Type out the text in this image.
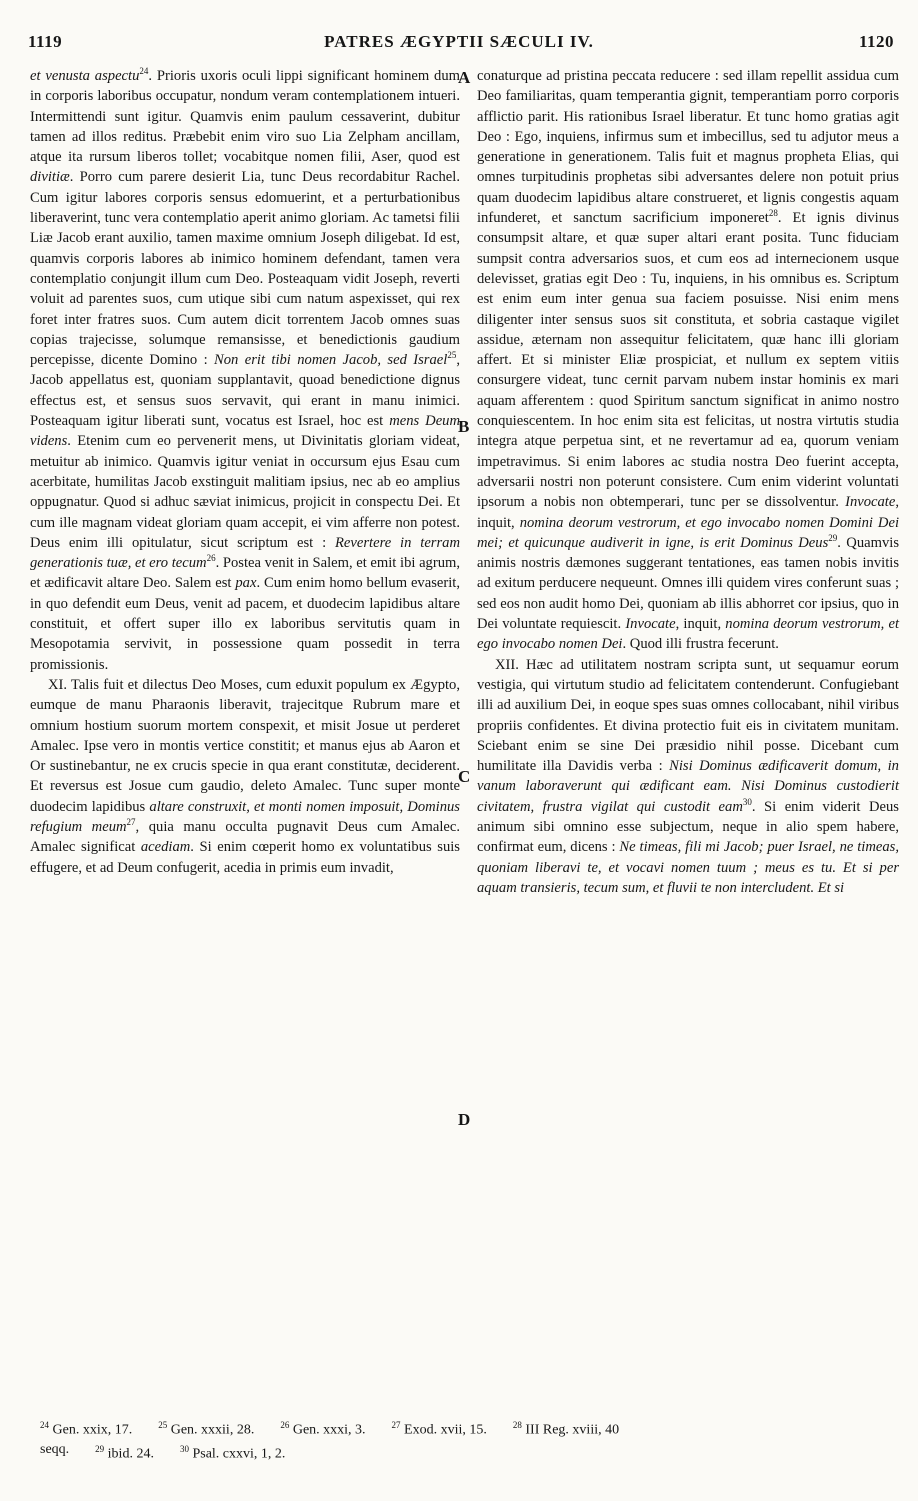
1119	PATRES ÆGYPTII SÆCULI IV.	1120
A
B
C
D

et venusta aspectu$^{24}$. Prioris uxoris oculi lippi significant hominem dum in corporis laboribus occupatur, nondum veram contemplationem intueri. Intermittendi sunt igitur. Quamvis enim paulum cessaverint, dubitur tamen ad illos reditus. Præbebit enim viro suo Lia Zelpham ancillam, atque ita rursum liberos tollet; vocabitque nomen filii, Aser, quod est divitiæ. Porro cum parere desierit Lia, tunc Deus recordabitur Rachel. Cum igitur labores corporis sensus edomuerint, et a perturbationibus liberaverint, tunc vera contemplatio aperit animo gloriam. Ac tametsi filii Liæ Jacob erant auxilio, tamen maxime omnium Joseph diligebat. Id est, quamvis corporis labores ab inimico hominem defendant, tamen vera contemplatio conjungit illum cum Deo. Posteaquam vidit Joseph, reverti voluit ad parentes suos, cum utique sibi cum natum aspexisset, qui rex foret inter fratres suos. Cum autem dicit torrentem Jacob omnes suas copias trajecisse, solumque remansisse, et benedictionis gaudium percepisse, dicente Domino : Non erit tibi nomen Jacob, sed Israel$^{25}$, Jacob appellatus est, quoniam supplantavit, quoad benedictione dignus effectus est, et sensus suos servavit, qui erant in manu inimici. Posteaquam igitur liberati sunt, vocatus est Israel, hoc est mens Deum videns. Etenim cum eo pervenerit mens, ut Divinitatis gloriam videat, metuitur ab inimico. Quamvis igitur veniat in occursum ejus Esau cum acerbitate, humilitas Jacob exstinguit malitiam ipsius, nec ab eo amplius oppugnatur. Quod si adhuc sæviat inimicus, projicit in conspectu Dei. Et cum ille magnam videat gloriam quam accepit, ei vim afferre non potest. Deus enim illi opitulatur, sicut scriptum est : Revertere in terram generationis tuæ, et ero tecum$^{26}$. Postea venit in Salem, et emit ibi agrum, et ædificavit altare Deo. Salem est pax. Cum enim homo bellum evaserit, in quo defendit eum Deus, venit ad pacem, et duodecim lapidibus altare constituit, et offert super illo ex laboribus servitutis quam in Mesopotamia servivit, in possessione quam possedit in terra promissionis.

XI. Talis fuit et dilectus Deo Moses, cum eduxit populum ex Ægypto, eumque de manu Pharaonis liberavit, trajecitque Rubrum mare et omnium hostium suorum mortem conspexit, et misit Josue ut perderet Amalec. Ipse vero in montis vertice constitit; et manus ejus ab Aaron et Or sustinebantur, ne ex crucis specie in qua erant constitutæ, deciderent. Et reversus est Josue cum gaudio, deleto Amalec. Tunc super monte duodecim lapidibus altare construxit, et monti nomen imposuit, Dominus refugium meum$^{27}$, quia manu occulta pugnavit Deus cum Amalec. Amalec significat acediam. Si enim cœperit homo ex voluntatibus suis effugere, et ad Deum confugerit, acedia in primis eum invadit,

conaturque ad pristina peccata reducere : sed illam repellit assidua cum Deo familiaritas, quam temperantia gignit, temperantiam porro corporis afflictio parit. His rationibus Israel liberatur. Et tunc homo gratias agit Deo : Ego, inquiens, infirmus sum et imbecillus, sed tu adjutor meus a generatione in generationem. Talis fuit et magnus propheta Elias, qui omnes turpitudinis prophetas sibi adversantes delere non potuit prius quam duodecim lapidibus altare construeret, et lignis congestis aquam infunderet, et sanctum sacrificium imponeret$^{28}$. Et ignis divinus consumpsit altare, et quæ super altari erant posita. Tunc fiduciam sumpsit contra adversarios suos, et cum eos ad internecionem usque delevisset, gratias egit Deo : Tu, inquiens, in his omnibus es. Scriptum est enim eum inter genua sua faciem posuisse. Nisi enim mens diligenter inter sensus suos sit constituta, et sobria castaque vigilet assidue, æternam non assequitur felicitatem, quæ hanc illi gloriam affert. Et si minister Eliæ prospiciat, et nullum ex septem vitiis consurgere videat, tunc cernit parvam nubem instar hominis ex mari aquam afferentem : quod Spiritum sanctum significat in animo nostro conquiescentem. In hoc enim sita est felicitas, ut nostra virtutis studia integra atque perpetua sint, et ne revertamur ad ea, quorum veniam impetravimus. Si enim labores ac studia nostra Deo fuerint accepta, adversarii nostri non poterunt consistere. Cum enim viderint voluntati ipsorum a nobis non obtemperari, tunc per se dissolventur. Invocate, inquit, nomina deorum vestrorum, et ego invocabo nomen Domini Dei mei; et quicunque audiverit in igne, is erit Dominus Deus$^{29}$. Quamvis animis nostris dæmones suggerant tentationes, eas tamen nobis invitis ad exitum perducere nequeunt. Omnes illi quidem vires conferunt suas ; sed eos non audit homo Dei, quoniam ab illis abhorret cor ipsius, quo in Dei voluntate requiescit. Invocate, inquit, nomina deorum vestrorum, et ego invocabo nomen Dei. Quod illi frustra fecerunt.

XII. Hæc ad utilitatem nostram scripta sunt, ut sequamur eorum vestigia, qui virtutum studio ad felicitatem contenderunt. Confugiebant illi ad auxilium Dei, in eoque spes suas omnes collocabant, nihil viribus propriis confidentes. Et divina protectio fuit eis in civitatem munitam. Sciebant enim se sine Dei præsidio nihil posse. Dicebant cum humilitate illa Davidis verba : Nisi Dominus ædificaverit domum, in vanum laboraverunt qui ædificant eam. Nisi Dominus custodierit civitatem, frustra vigilat qui custodit eam$^{30}$. Si enim viderit Deus animum sibi omnino esse subjectum, neque in alio spem habere, confirmat eum, dicens : Ne timeas, fili mi Jacob; puer Israel, ne timeas, quoniam liberavi te, et vocavi nomen tuum ; meus es tu. Et si per aquam transieris, tecum sum, et fluvii te non intercludent. Et si

$^{24}$ Gen. xxix, 17.	$^{25}$ Gen. xxxii, 28.	$^{26}$ Gen. xxxi, 3.	$^{27}$ Exod. xvii, 15.	$^{28}$ III Reg. xviii, 40
seqq.	$^{29}$ ibid. 24.	$^{30}$ Psal. cxxvi, 1, 2.
